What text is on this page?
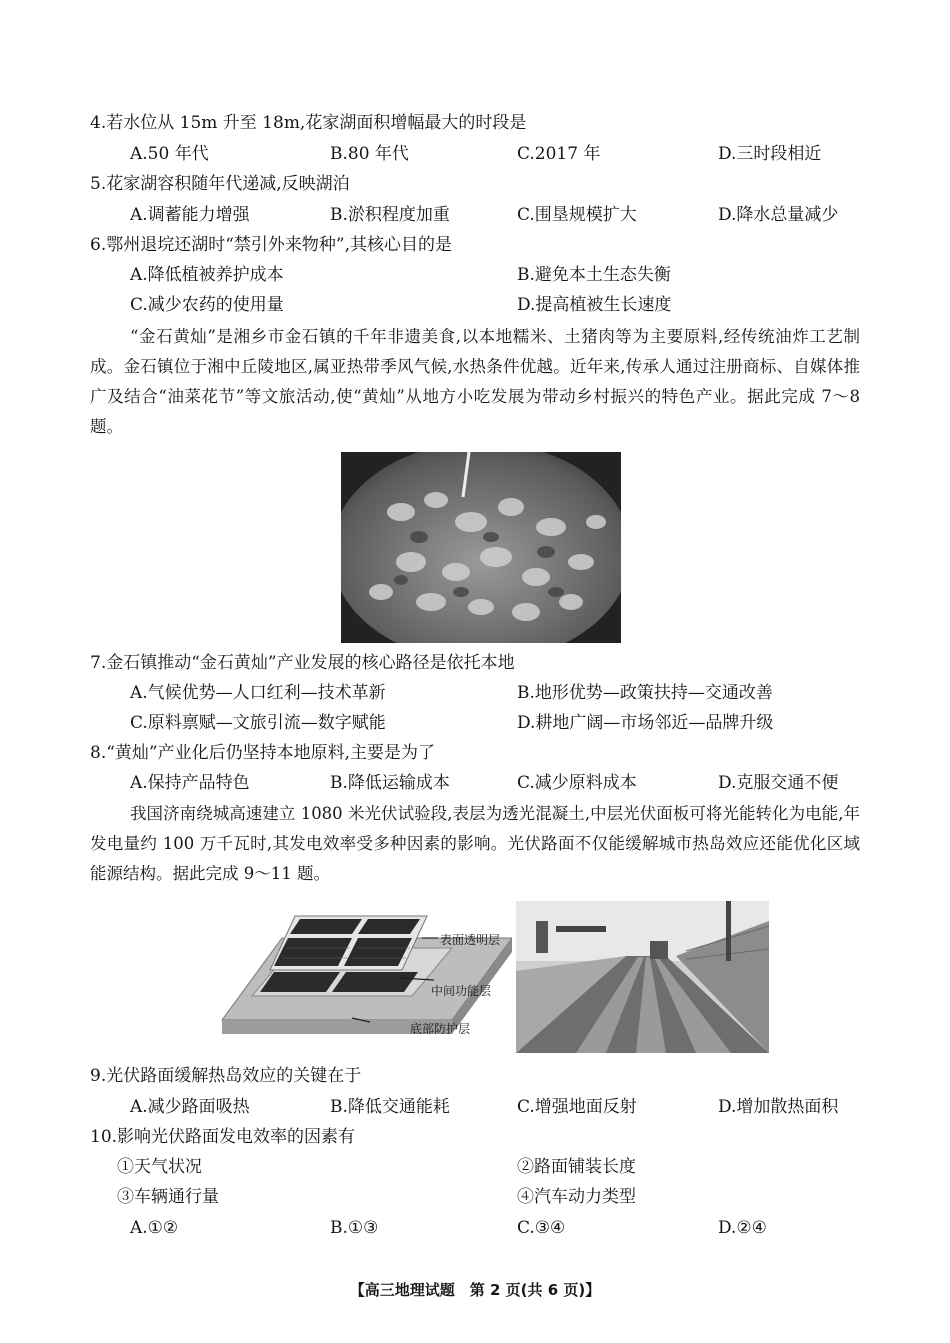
4.若水位从 15m 升至 18m,花家湖面积增幅最大的时段是
A.50 年代	B.80 年代	C.2017 年	D.三时段相近
5.花家湖容积随年代递减,反映湖泊
A.调蓄能力增强	B.淤积程度加重	C.围垦规模扩大	D.降水总量减少
6.鄂州退垸还湖时“禁引外来物种”,其核心目的是
A.降低植被养护成本	B.避免本土生态失衡
C.减少农药的使用量	D.提高植被生长速度
“金石黄灿”是湘乡市金石镇的千年非遗美食,以本地糯米、土猪肉等为主要原料,经传统油炸工艺制成。金石镇位于湘中丘陵地区,属亚热带季风气候,水热条件优越。近年来,传承人通过注册商标、自媒体推广及结合“油菜花节”等文旅活动,使“黄灿”从地方小吃发展为带动乡村振兴的特色产业。据此完成 7～8 题。
7.金石镇推动“金石黄灿”产业发展的核心路径是依托本地
A.气候优势—人口红利—技术革新	B.地形优势—政策扶持—交通改善
C.原料禀赋—文旅引流—数字赋能	D.耕地广阔—市场邻近—品牌升级
8.“黄灿”产业化后仍坚持本地原料,主要是为了
A.保持产品特色	B.降低运输成本	C.减少原料成本	D.克服交通不便
我国济南绕城高速建立 1080 米光伏试验段,表层为透光混凝土,中层光伏面板可将光能转化为电能,年发电量约 100 万千瓦时,其发电效率受多种因素的影响。光伏路面不仅能缓解城市热岛效应还能优化区域能源结构。据此完成 9～11 题。
表面透明层
中间功能层
底部防护层
9.光伏路面缓解热岛效应的关键在于
A.减少路面吸热	B.降低交通能耗	C.增强地面反射	D.增加散热面积
10.影响光伏路面发电效率的因素有
①天气状况	②路面铺装长度
③车辆通行量	④汽车动力类型
A.①②	B.①③	C.③④	D.②④
【高三地理试题　第 2 页(共 6 页)】
